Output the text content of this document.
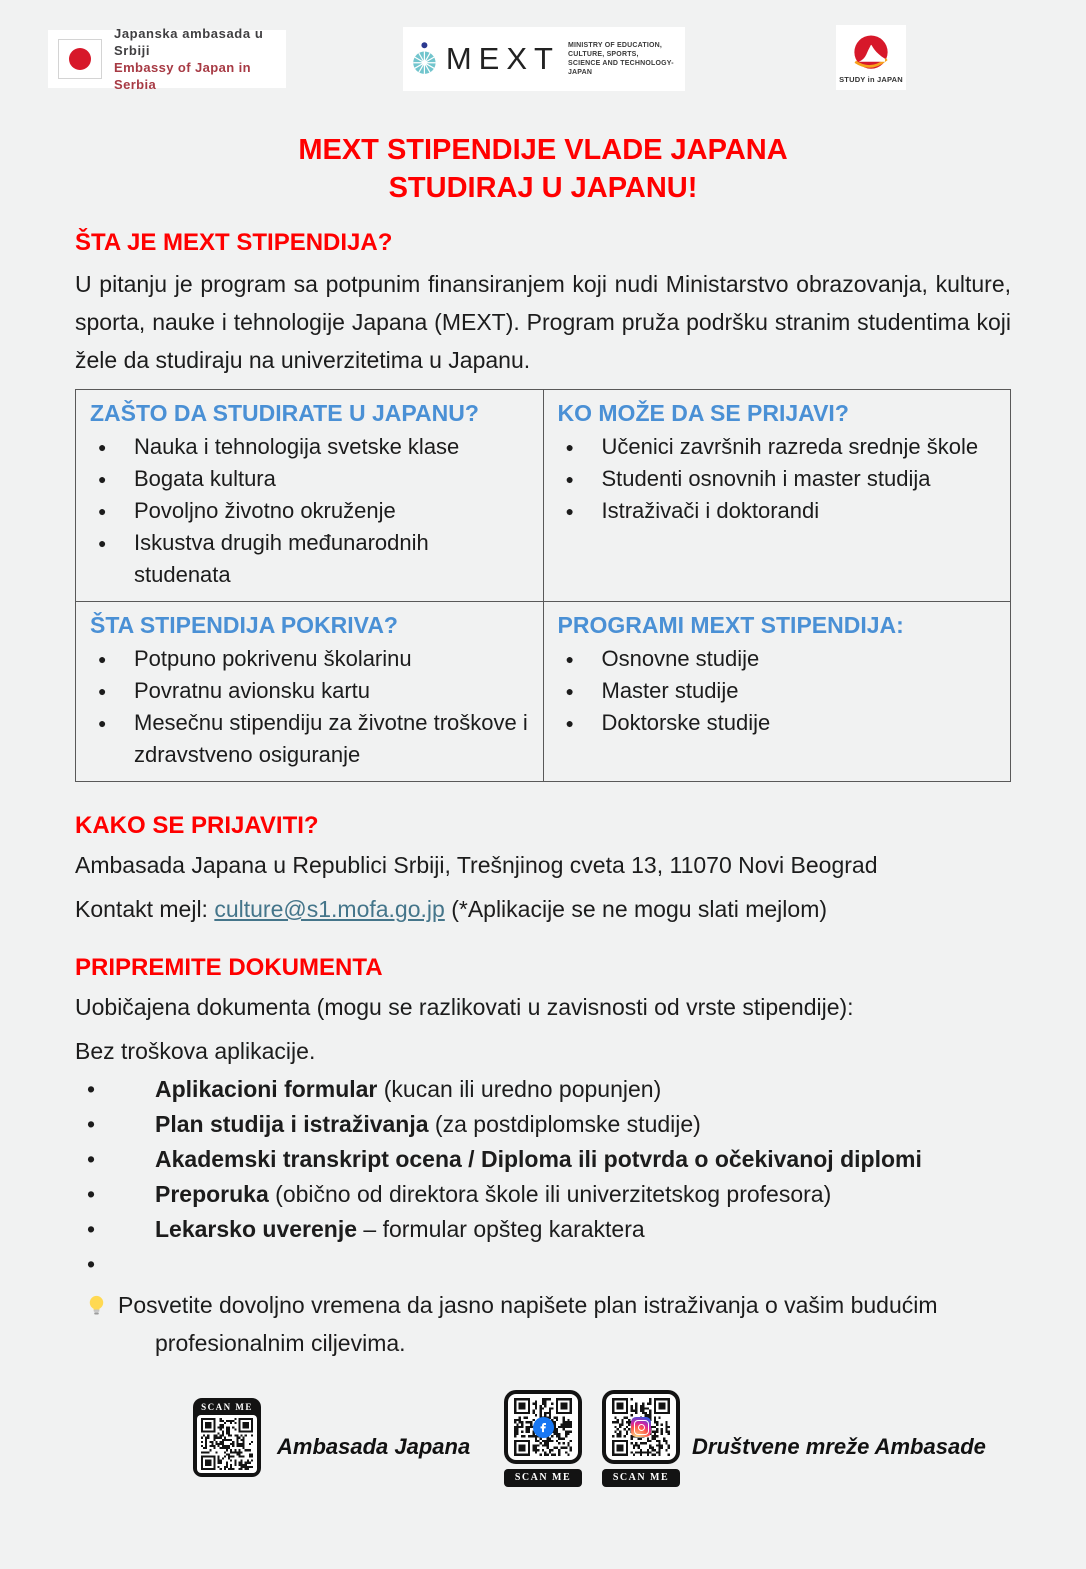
Japanska ambasada u Srbiji
Embassy of Japan in Serbia
MEXT MINISTRY OF EDUCATION,
CULTURE, SPORTS,
SCIENCE AND TECHNOLOGY-JAPAN
STUDY in JAPAN
MEXT STIPENDIJE VLADE JAPANA
STUDIRAJ U JAPANU!
ŠTA JE MEXT STIPENDIJA?

U pitanju je program sa potpunim finansiranjem koji nudi Ministarstvo obrazovanja, kulture, sporta, nauke i tehnologije Japana (MEXT). Program pruža podršku stranim studentima koji žele da studiraju na univerzitetima u Japanu.

ZAŠTO DA STUDIRATE U JAPANU?
● Nauka i tehnologija svetske klase
● Bogata kultura
● Povoljno životno okruženje
● Iskustva drugih međunarodnih studenata

KO MOŽE DA SE PRIJAVI?
● Učenici završnih razreda srednje škole
● Studenti osnovnih i master studija
● Istraživači i doktorandi

ŠTA STIPENDIJA POKRIVA?
● Potpuno pokrivenu školarinu
● Povratnu avionsku kartu
● Mesečnu stipendiju za životne troškove i zdravstveno osiguranje

PROGRAMI MEXT STIPENDIJA:
● Osnovne studije
● Master studije
● Doktorske studije
KAKO SE PRIJAVITI?

Ambasada Japana u Republici Srbiji, Trešnjinog cveta 13, 11070 Novi Beograd

Kontakt mejl: culture@s1.mofa.go.jp (*Aplikacije se ne mogu slati mejlom)

PRIPREMITE DOKUMENTA

Uobičajena dokumenta (mogu se razlikovati u zavisnosti od vrste stipendije):

Bez troškova aplikacije.

• Aplikacioni formular (kucan ili uredno popunjen)
• Plan studija i istraživanja (za postdiplomske studije)
• Akademski transkript ocena / Diploma ili potvrda o očekivanoj diplomi
• Preporuka (obično od direktora škole ili univerzitetskog profesora)
• Lekarsko uverenje – formular opšteg karaktera
•

Posvetite dovoljno vremena da jasno napišete plan istraživanja o vašim budućim profesionalnim ciljevima.

SCAN ME
Ambasada Japana
SCAN ME	SCAN ME
Društvene mreže Ambasade
